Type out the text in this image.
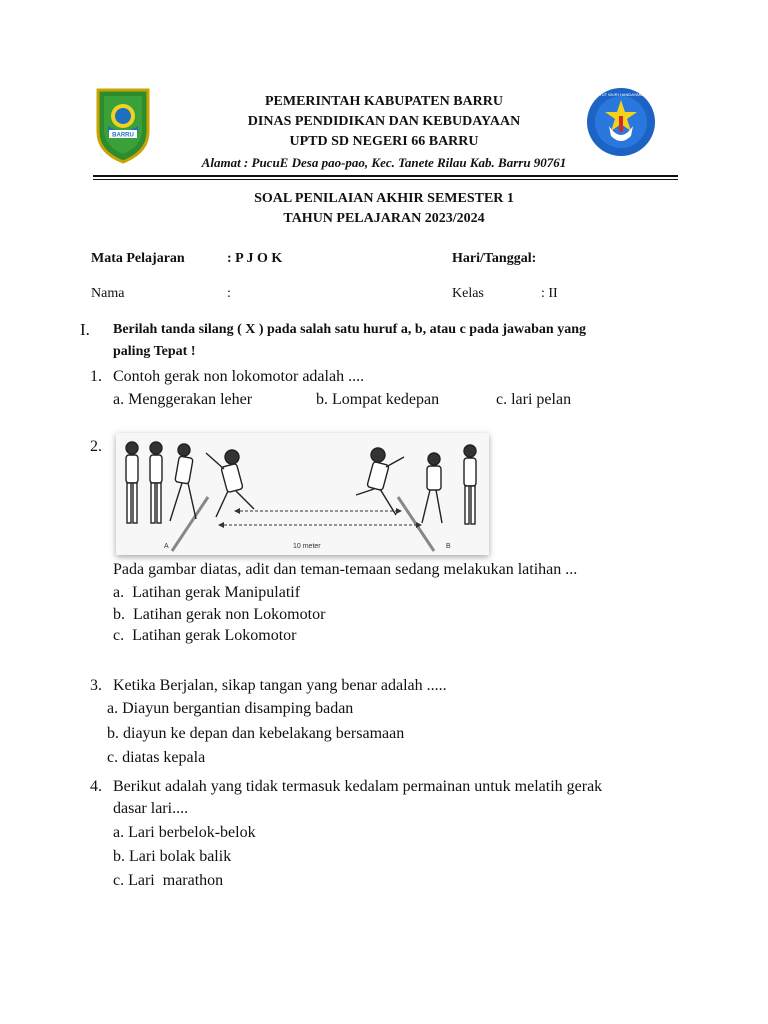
BARRU
TUT WURI HANDAYANI
PEMERINTAH KABUPATEN BARRU
DINAS PENDIDIKAN DAN KEBUDAYAAN
UPTD SD NEGERI 66 BARRU
Alamat : PucuE Desa pao-pao, Kec. Tanete Rilau Kab. Barru 90761
SOAL PENILAIAN AKHIR SEMESTER 1
TAHUN PELAJARAN 2023/2024
Mata Pelajaran	: P J O K	Hari/Tanggal:
Nama	:	Kelas	: II
I. Berilah tanda silang ( X ) pada salah satu huruf a, b, atau c pada jawaban yang
paling Tepat !
1. Contoh gerak non lokomotor adalah ....
a. Menggerakan leher	b. Lompat kedepan	c. lari pelan
2.
A	10 meter	B
Pada gambar diatas, adit dan teman-temaan sedang melakukan latihan ...
a.  Latihan gerak Manipulatif
b.  Latihan gerak non Lokomotor
c.  Latihan gerak Lokomotor
3. Ketika Berjalan, sikap tangan yang benar adalah .....
a. Diayun bergantian disamping badan
b. diayun ke depan dan kebelakang bersamaan
c. diatas kepala
4. Berikut adalah yang tidak termasuk kedalam permainan untuk melatih gerak
dasar lari....
a. Lari berbelok-belok
b. Lari bolak balik
c. Lari  marathon
